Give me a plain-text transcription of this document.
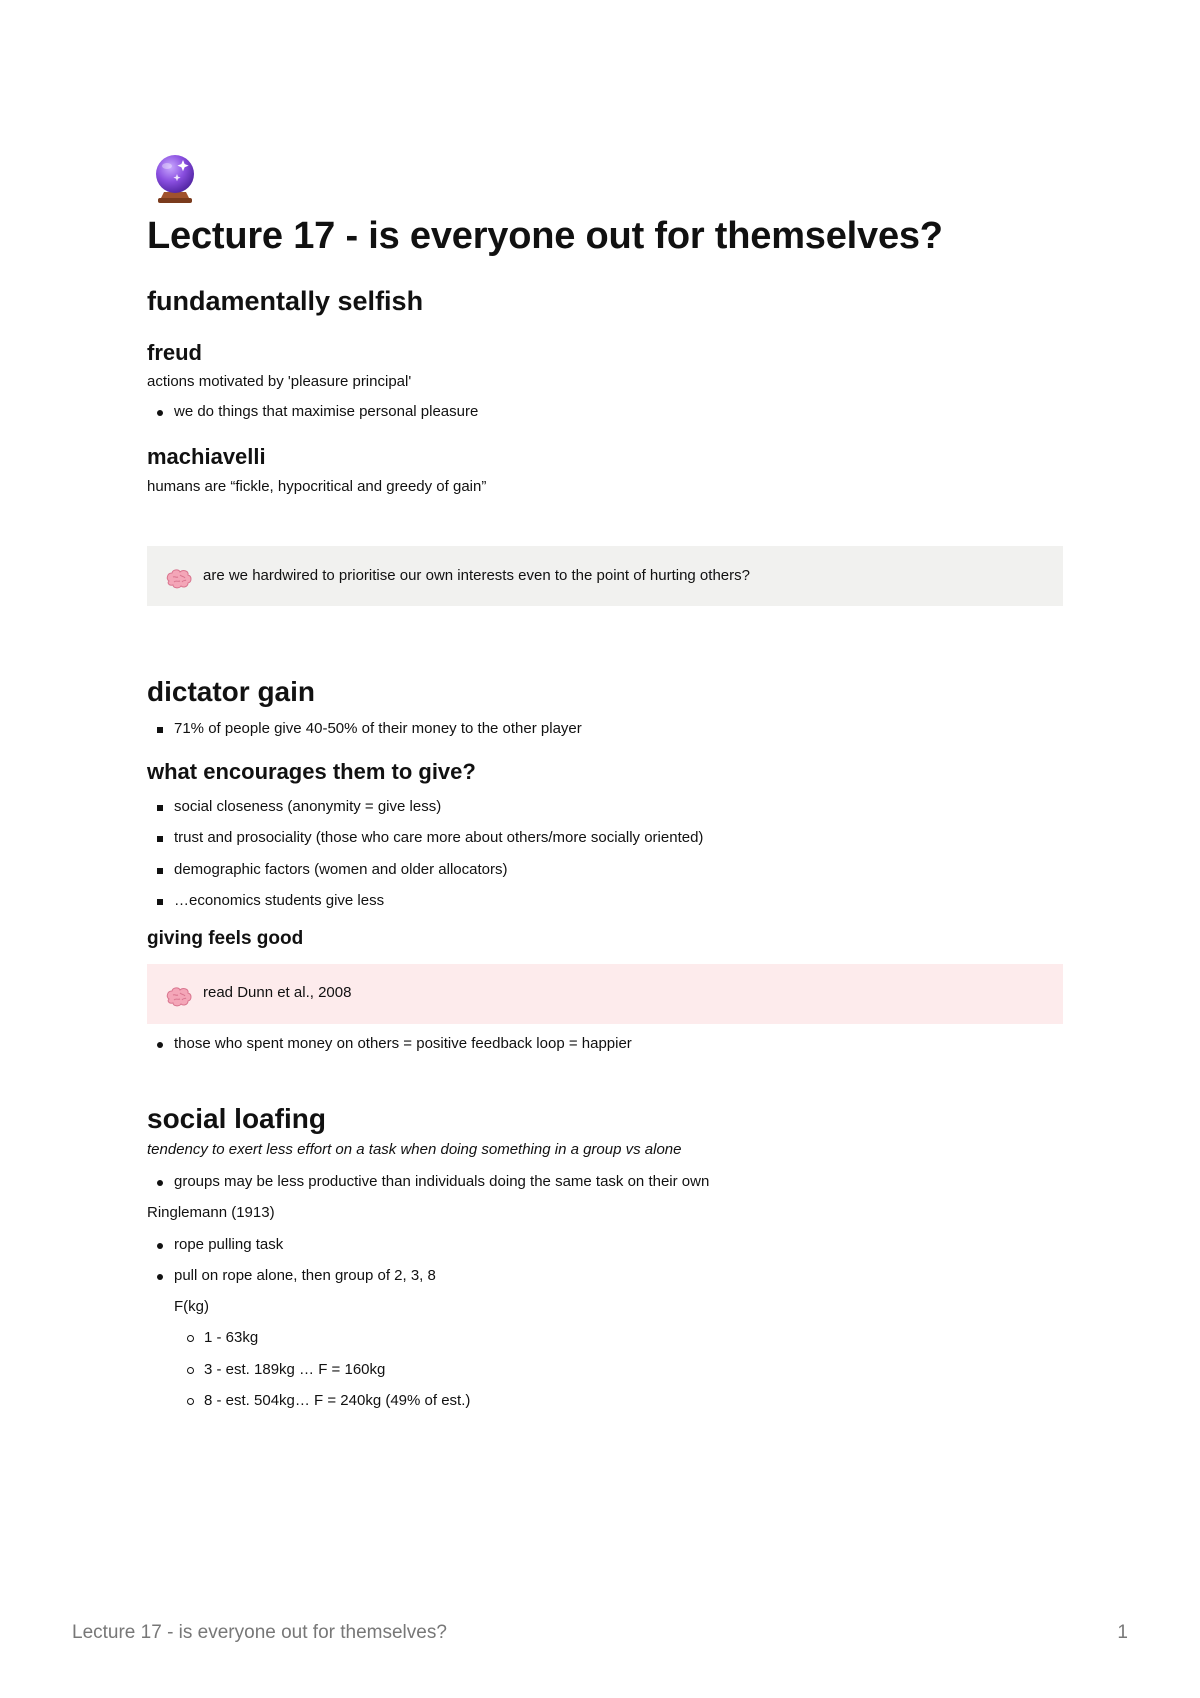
Lecture 17 - is everyone out for themselves?
fundamentally selfish
freud

actions motivated by 'pleasure principal'

we do things that maximise personal pleasure
machiavelli

humans are “fickle, hypocritical and greedy of gain”

are we hardwired to prioritise our own interests even to the point of hurting others?
dictator gain
71% of people give 40-50% of their money to the other player
what encourages them to give?
social closeness (anonymity = give less)
trust and prosociality (those who care more about others/more socially oriented)
demographic factors (women and older allocators)
…economics students give less
giving feels good
read Dunn et al., 2008
those who spent money on others = positive feedback loop = happier
social loafing

tendency to exert less effort on a task when doing something in a group vs alone

groups may be less productive than individuals doing the same task on their own

Ringlemann (1913)

rope pulling task
pull on rope alone, then group of 2, 3, 8

F(kg)

1 - 63kg
3 - est. 189kg … F = 160kg
8 - est. 504kg… F = 240kg (49% of est.)
Lecture 17 - is everyone out for themselves?	1
